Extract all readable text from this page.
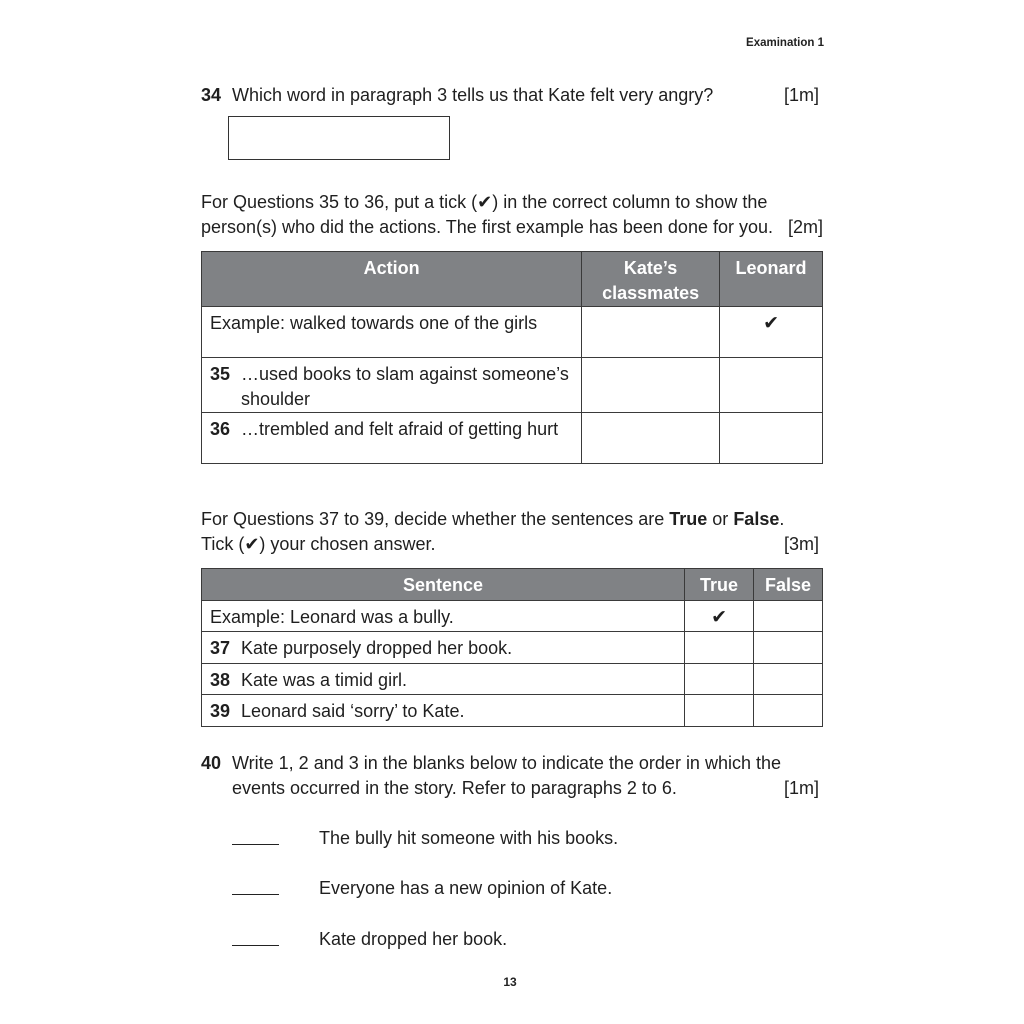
Examination 1
34 Which word in paragraph 3 tells us that Kate felt very angry?	[1m]
For Questions 35 to 36, put a tick (✔) in the correct column to show the
person(s) who did the actions. The first example has been done for you. [2m]
Action	Kate’s classmates	Leonard
Example: walked towards one of the girls		✔

35 …used books to slam against someone’s shoulder		

36 …trembled and felt afraid of getting hurt		

For Questions 37 to 39, decide whether the sentences are True or False.
Tick (✔) your chosen answer.	[3m]
Sentence	True	False
Example: Leonard was a bully.	✔	
37 Kate purposely dropped her book.		
38 Kate was a timid girl.		
39 Leonard said ‘sorry’ to Kate.		
40 Write 1, 2 and 3 in the blanks below to indicate the order in which the
events occurred in the story. Refer to paragraphs 2 to 6.	[1m]
The bully hit someone with his books.
Everyone has a new opinion of Kate.
Kate dropped her book.
13
